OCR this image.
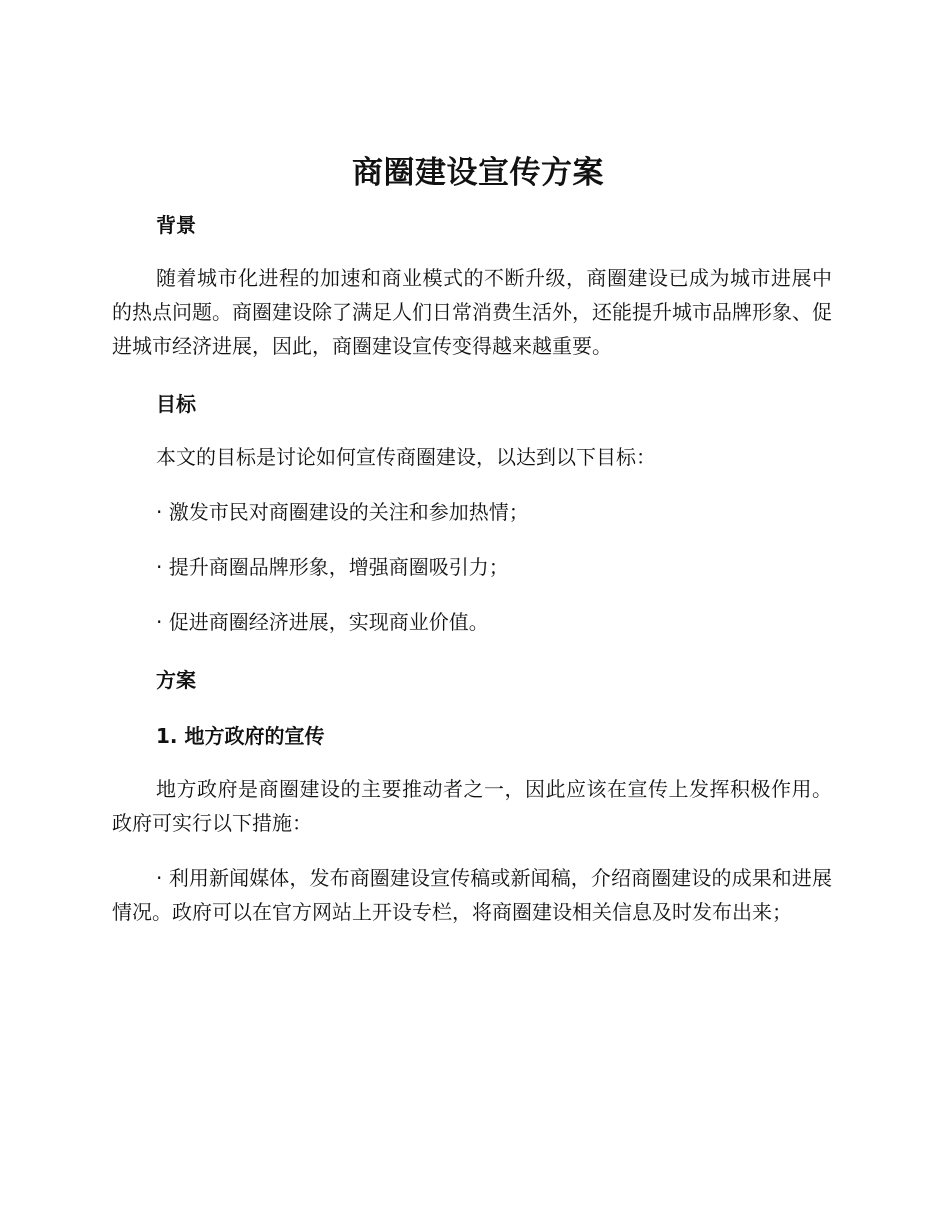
商圈建设宣传方案
背景

随着城市化进程的加速和商业模式的不断升级，商圈建设已成为城市进展中的热点问题。商圈建设除了满足人们日常消费生活外，还能提升城市品牌形象、促进城市经济进展，因此，商圈建设宣传变得越来越重要。

目标

本文的目标是讨论如何宣传商圈建设，以达到以下目标：

· 激发市民对商圈建设的关注和参加热情；

· 提升商圈品牌形象，增强商圈吸引力；

· 促进商圈经济进展，实现商业价值。

方案
1. 地方政府的宣传

地方政府是商圈建设的主要推动者之一，因此应该在宣传上发挥积极作用。政府可实行以下措施：

· 利用新闻媒体，发布商圈建设宣传稿或新闻稿，介绍商圈建设的成果和进展情况。政府可以在官方网站上开设专栏，将商圈建设相关信息及时发布出来；
